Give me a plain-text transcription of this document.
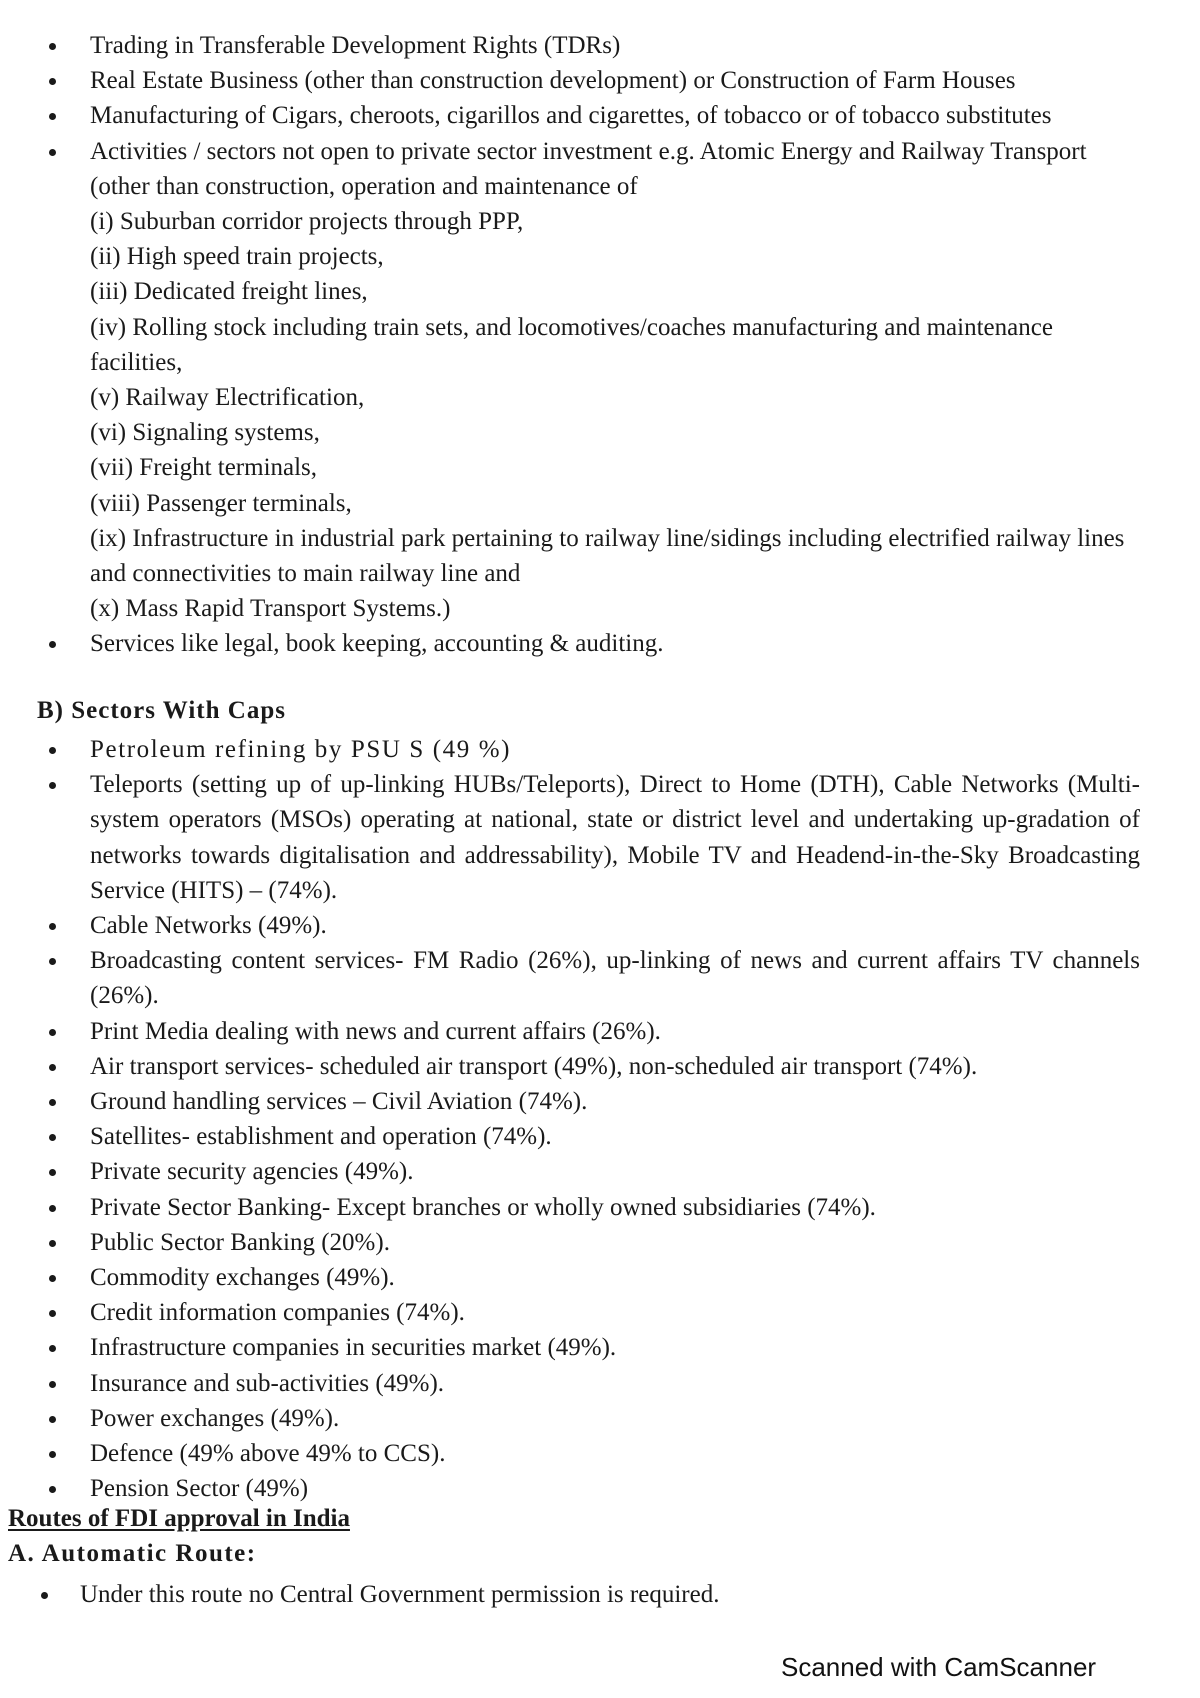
Trading in Transferable Development Rights (TDRs)
Real Estate Business (other than construction development) or Construction of Farm Houses
Manufacturing of Cigars, cheroots, cigarillos and cigarettes, of tobacco or of tobacco substitutes
Activities / sectors not open to private sector investment e.g. Atomic Energy and Railway Transport (other than construction, operation and maintenance of
(i) Suburban corridor projects through PPP,
(ii) High speed train projects,
(iii) Dedicated freight lines,
(iv) Rolling stock including train sets, and locomotives/coaches manufacturing and maintenance facilities,
(v) Railway Electrification,
(vi) Signaling systems,
(vii) Freight terminals,
(viii) Passenger terminals,
(ix) Infrastructure in industrial park pertaining to railway line/sidings including electrified railway lines and connectivities to main railway line and
(x) Mass Rapid Transport Systems.)
Services like legal, book keeping, accounting & auditing.
B) Sectors With Caps
Petroleum refining by PSU S (49 %)
Teleports (setting up of up-linking HUBs/Teleports), Direct to Home (DTH), Cable Networks (Multi-system operators (MSOs) operating at national, state or district level and undertaking up-gradation of networks towards digitalisation and addressability), Mobile TV and Headend-in-the-Sky Broadcasting Service (HITS) – (74%).
Cable Networks (49%).
Broadcasting content services- FM Radio (26%), up-linking of news and current affairs TV channels (26%).
Print Media dealing with news and current affairs (26%).
Air transport services- scheduled air transport (49%), non-scheduled air transport (74%).
Ground handling services – Civil Aviation (74%).
Satellites- establishment and operation (74%).
Private security agencies (49%).
Private Sector Banking- Except branches or wholly owned subsidiaries (74%).
Public Sector Banking (20%).
Commodity exchanges (49%).
Credit information companies (74%).
Infrastructure companies in securities market (49%).
Insurance and sub-activities (49%).
Power exchanges (49%).
Defence (49% above 49% to CCS).
Pension Sector (49%)
Routes of FDI approval in India
A. Automatic Route:
Under this route no Central Government permission is required.
Scanned with CamScanner
